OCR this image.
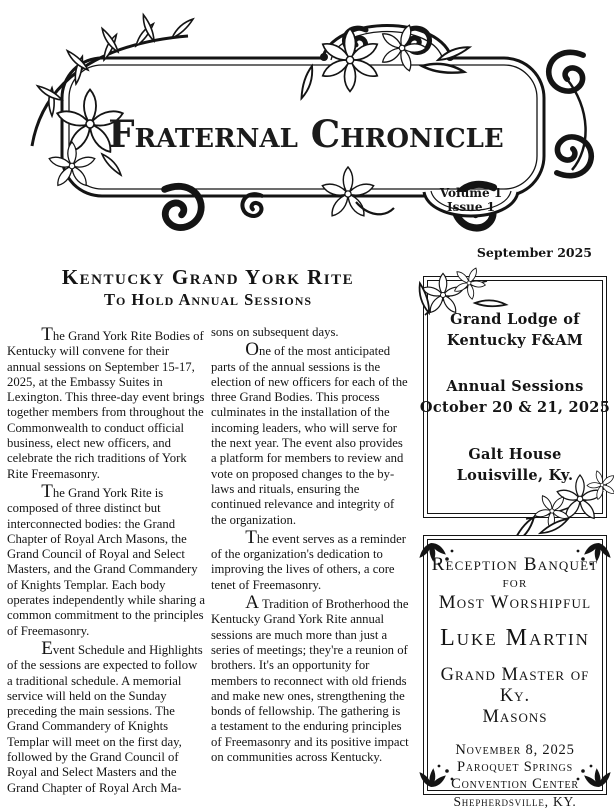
Fraternal Chronicle
Volume 1
Issue 1
September 2025
Kentucky Grand York Rite
To Hold Annual Sessions

The Grand York Rite Bodies of Kentucky will convene for their annual sessions on September 15-17, 2025, at the Embassy Suites in Lexington. This three-day event brings together members from throughout the Commonwealth to conduct official business, elect new officers, and celebrate the rich traditions of York Rite Freemasonry.

The Grand York Rite is composed of three distinct but interconnected bodies: the Grand Chapter of Royal Arch Masons, the Grand Council of Royal and Select Masters, and the Grand Commandery of Knights Templar. Each body operates independently while sharing a common commitment to the principles of Freemasonry.

Event Schedule and Highlights of the sessions are expected to follow a traditional schedule. A memorial service will held on the Sunday preceding the main sessions. The Grand Commandery of Knights Templar will meet on the first day, followed by the Grand Council of Royal and Select Masters and the Grand Chapter of Royal Arch Ma-

sons on subsequent days.

One of the most anticipated parts of the annual sessions is the election of new officers for each of the three Grand Bodies. This process culminates in the installation of the incoming leaders, who will serve for the next year. The event also provides a platform for members to review and vote on proposed changes to the by-laws and rituals, ensuring the continued relevance and integrity of the organization.

The event serves as a reminder of the organization's dedication to improving the lives of others, a core tenet of Freemasonry.

A Tradition of Brotherhood the Kentucky Grand York Rite annual sessions are much more than just a series of meetings; they're a reunion of brothers. It's an opportunity for members to reconnect with old friends and make new ones, strengthening the bonds of fellowship. The gathering is a testament to the enduring principles of Freemasonry and its positive impact on communities across Kentucky.

Grand Lodge of
Kentucky F&AM
Annual Sessions
October 20 & 21, 2025
Galt House
Louisville, Ky.
Reception Banquet
for
Most Worshipful
Luke Martin
Grand Master of Ky.
Masons
November 8, 2025
Paroquet Springs
Convention Center
Shepherdsville, KY.
